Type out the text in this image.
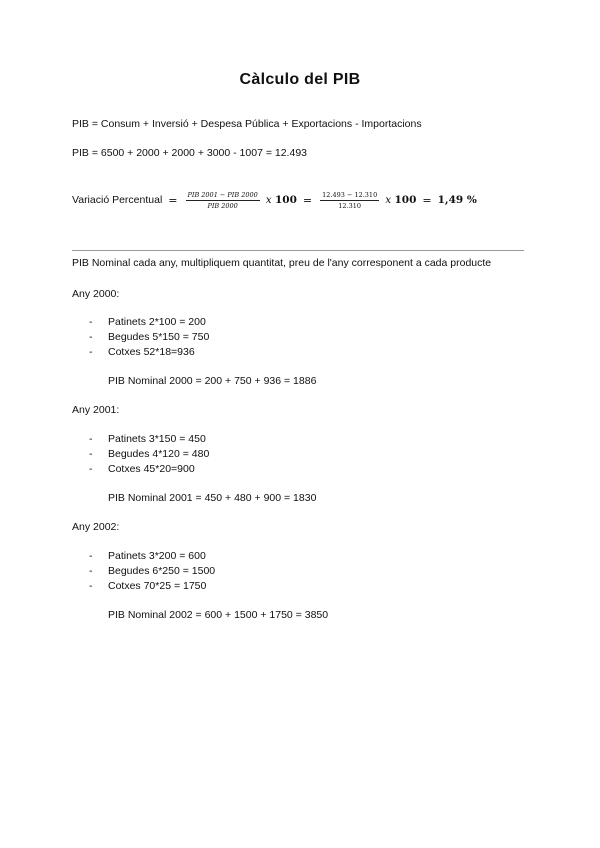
Càlculo del PIB
PIB = Consum + Inversió + Despesa Pública + Exportacions - Importacions
PIB = 6500 + 2000 + 2000 + 3000 - 1007 = 12.493
Variació Percentual = $\frac{\text{PIB 2001 − PIB 2000}}{\text{PIB 2000}}$ x $100 = \frac{12.493 - 12.310}{12.310}$ x 100 = 1,49 %
PIB Nominal cada any, multipliquem quantitat, preu de l'any corresponent a cada producte
Any 2000:
- Patinets 2*100 = 200
- Begudes 5*150 = 750
- Cotxes 52*18=936
PIB Nominal 2000 = 200 + 750 + 936 = 1886
Any 2001:
- Patinets 3*150 = 450
- Begudes 4*120 = 480
- Cotxes 45*20=900
PIB Nominal 2001 = 450 + 480 + 900 = 1830
Any 2002:
- Patinets 3*200 = 600
- Begudes 6*250 = 1500
- Cotxes 70*25 = 1750
PIB Nominal 2002 = 600 + 1500 + 1750 = 3850
